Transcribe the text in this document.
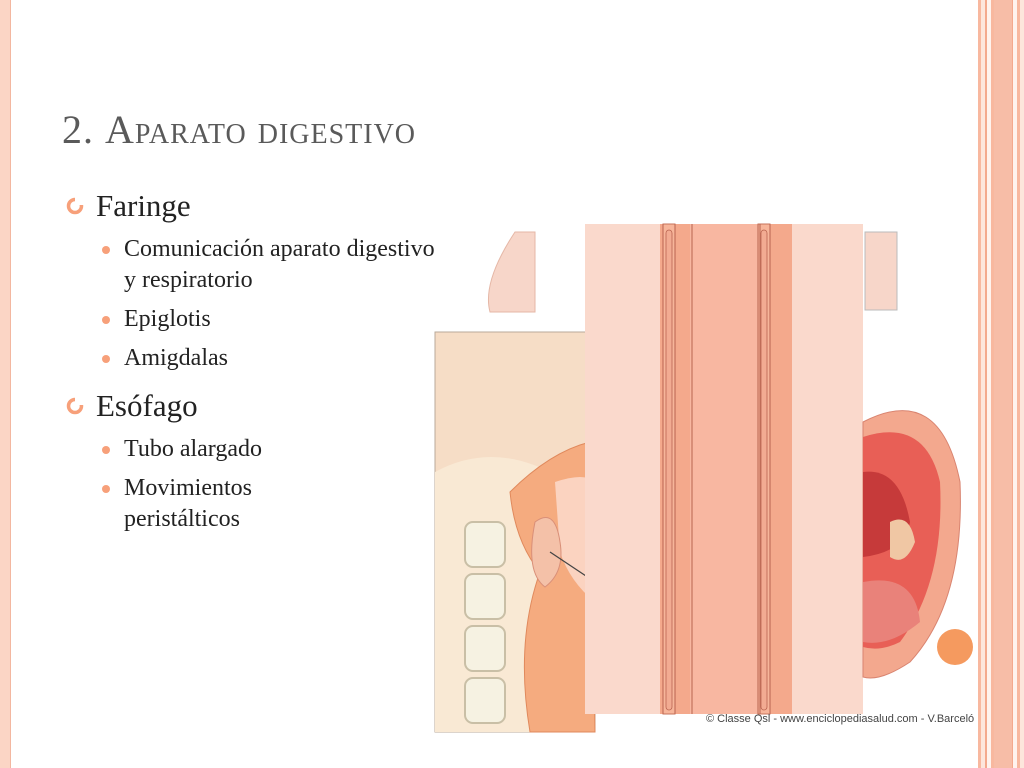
2. Aparato digestivo
Faringe
Comunicación aparato digestivo y respiratorio
Epiglotis
Amigdalas
Esófago
Tubo alargado
Movimientos peristálticos
© Classe Qsl - www.enciclopediasalud.com - V.Barceló
